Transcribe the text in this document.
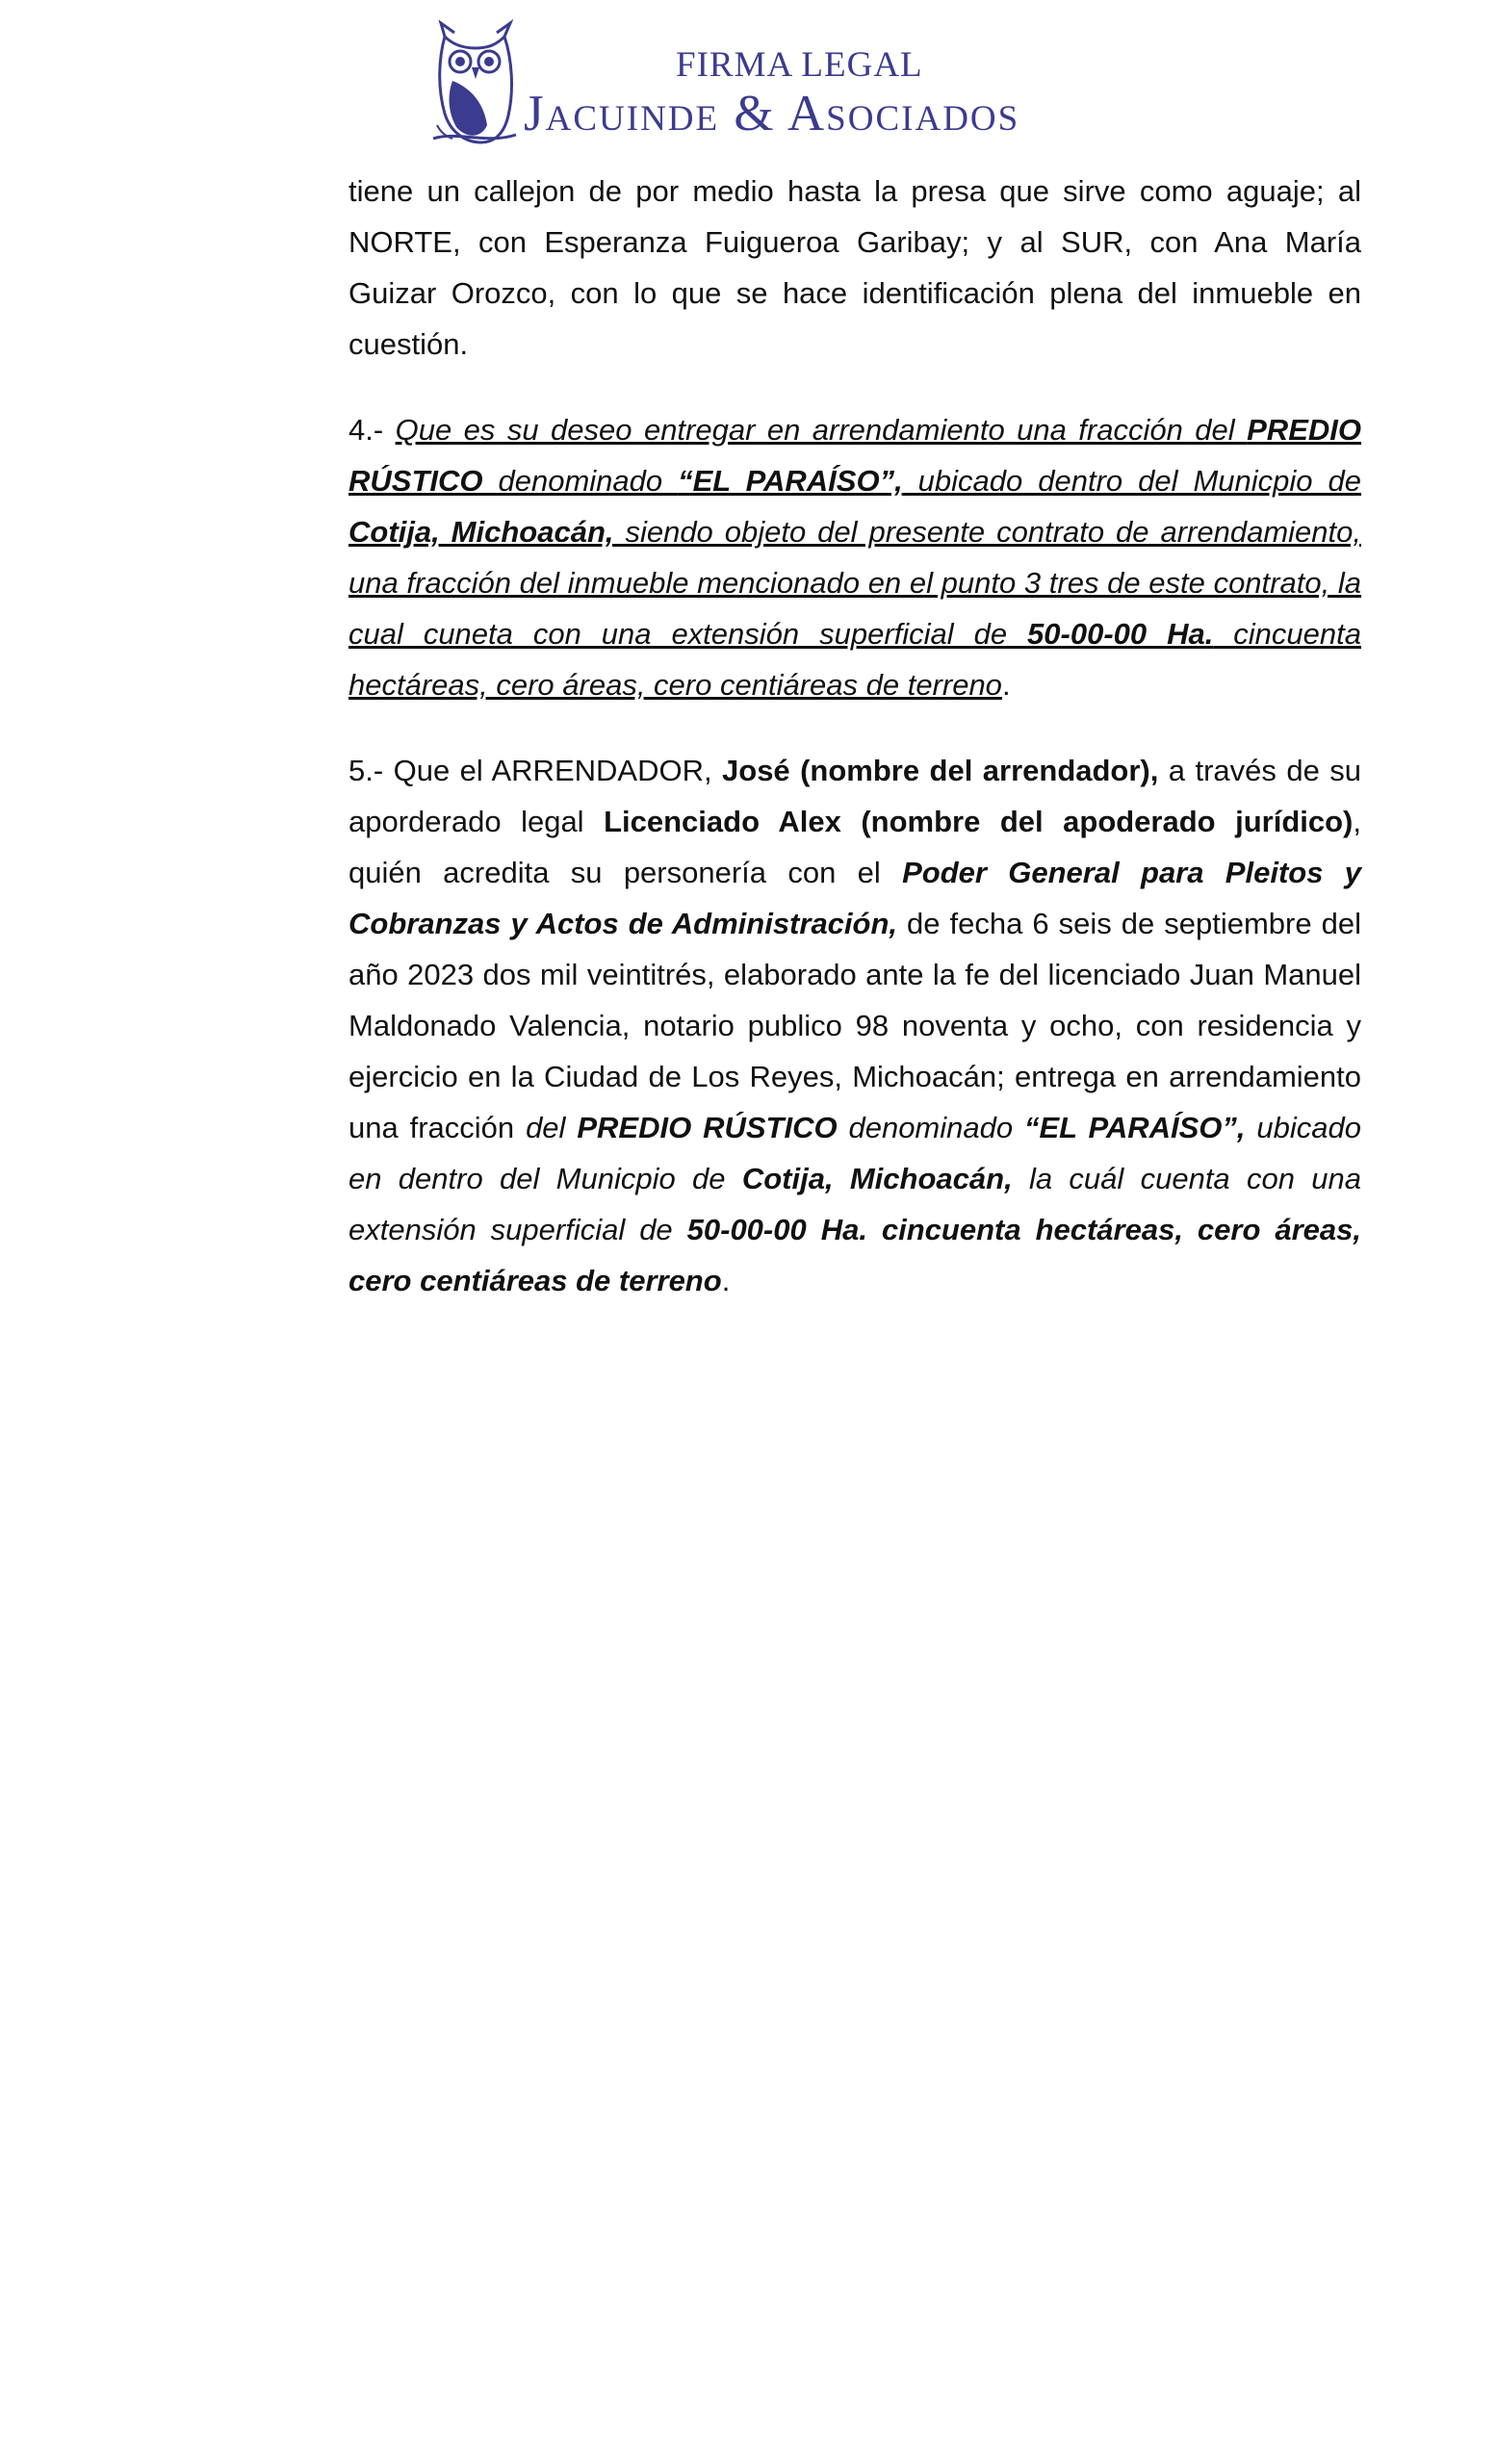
FIRMA LEGAL
Jacuinde & Asociados

tiene un callejon de por medio hasta la presa que sirve como aguaje; al NORTE, con Esperanza Fuigueroa Garibay; y al SUR, con Ana María Guizar Orozco, con lo que se hace identificación plena del inmueble en cuestión.

4.- Que es su deseo entregar en arrendamiento una fracción del PREDIO RÚSTICO denominado “EL PARAÍSO”, ubicado dentro del Municpio de Cotija, Michoacán, siendo objeto del presente contrato de arrendamiento, una fracción del inmueble mencionado en el punto 3 tres de este contrato, la cual cuneta con una extensión superficial de 50-00-00 Ha. cincuenta hectáreas, cero áreas, cero centiáreas de terreno.

5.- Que el ARRENDADOR, José (nombre del arrendador), a través de su aporderado legal Licenciado Alex (nombre del apoderado jurídico), quién acredita su personería con el Poder General para Pleitos y Cobranzas y Actos de Administración, de fecha 6 seis de septiembre del año 2023 dos mil veintitrés, elaborado ante la fe del licenciado Juan Manuel Maldonado Valencia, notario publico 98 noventa y ocho, con residencia y ejercicio en la Ciudad de Los Reyes, Michoacán; entrega en arrendamiento una fracción del PREDIO RÚSTICO denominado “EL PARAÍSO”, ubicado en dentro del Municpio de Cotija, Michoacán, la cuál cuenta con una extensión superficial de 50-00-00 Ha. cincuenta hectáreas, cero áreas, cero centiáreas de terreno.
